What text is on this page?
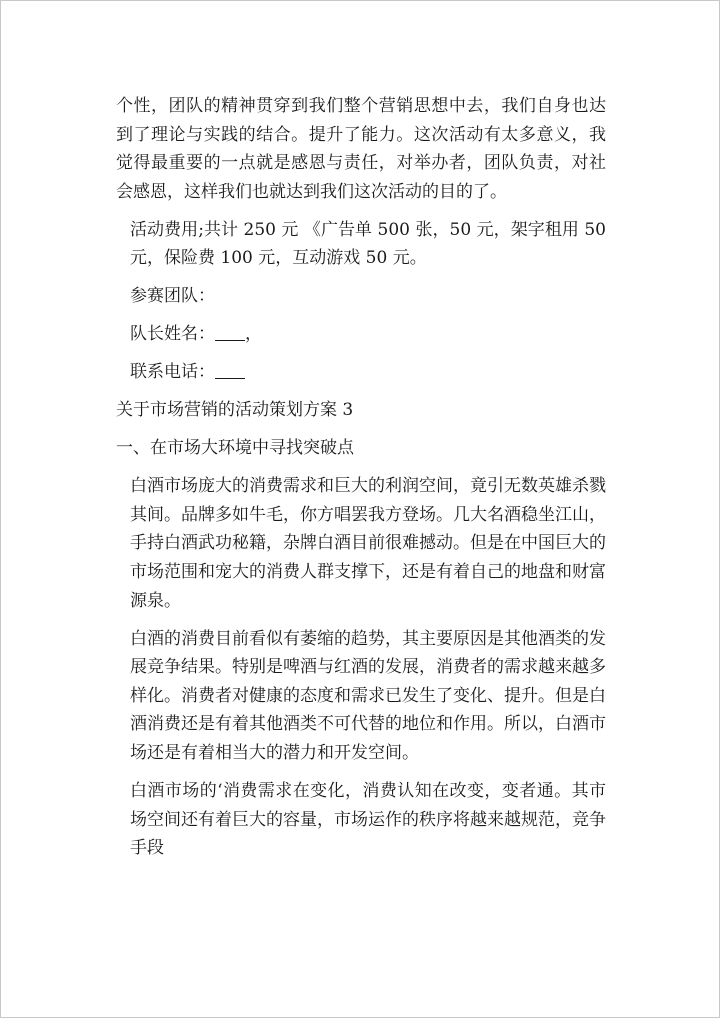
个性，团队的精神贯穿到我们整个营销思想中去，我们自身也达到了理论与实践的结合。提升了能力。这次活动有太多意义，我觉得最重要的一点就是感恩与责任，对举办者，团队负责，对社会感恩，这样我们也就达到我们这次活动的目的了。

活动费用;共计 250 元 《广告单 500 张，50 元，架字租用 50 元，保险费 100 元，互动游戏 50 元。

参赛团队：

队长姓名： ，

联系电话：

关于市场营销的活动策划方案 3

一、在市场大环境中寻找突破点

白酒市场庞大的消费需求和巨大的利润空间，竟引无数英雄杀戮其间。品牌多如牛毛，你方唱罢我方登场。几大名酒稳坐江山，手持白酒武功秘籍，杂牌白酒目前很难撼动。但是在中国巨大的市场范围和宠大的消费人群支撑下，还是有着自己的地盘和财富源泉。

白酒的消费目前看似有萎缩的趋势，其主要原因是其他酒类的发展竞争结果。特别是啤酒与红酒的发展，消费者的需求越来越多样化。消费者对健康的态度和需求已发生了变化、提升。但是白酒消费还是有着其他酒类不可代替的地位和作用。所以，白酒市场还是有着相当大的潜力和开发空间。

白酒市场的‘消费需求在变化，消费认知在改变，变者通。其市场空间还有着巨大的容量，市场运作的秩序将越来越规范，竞争手段
